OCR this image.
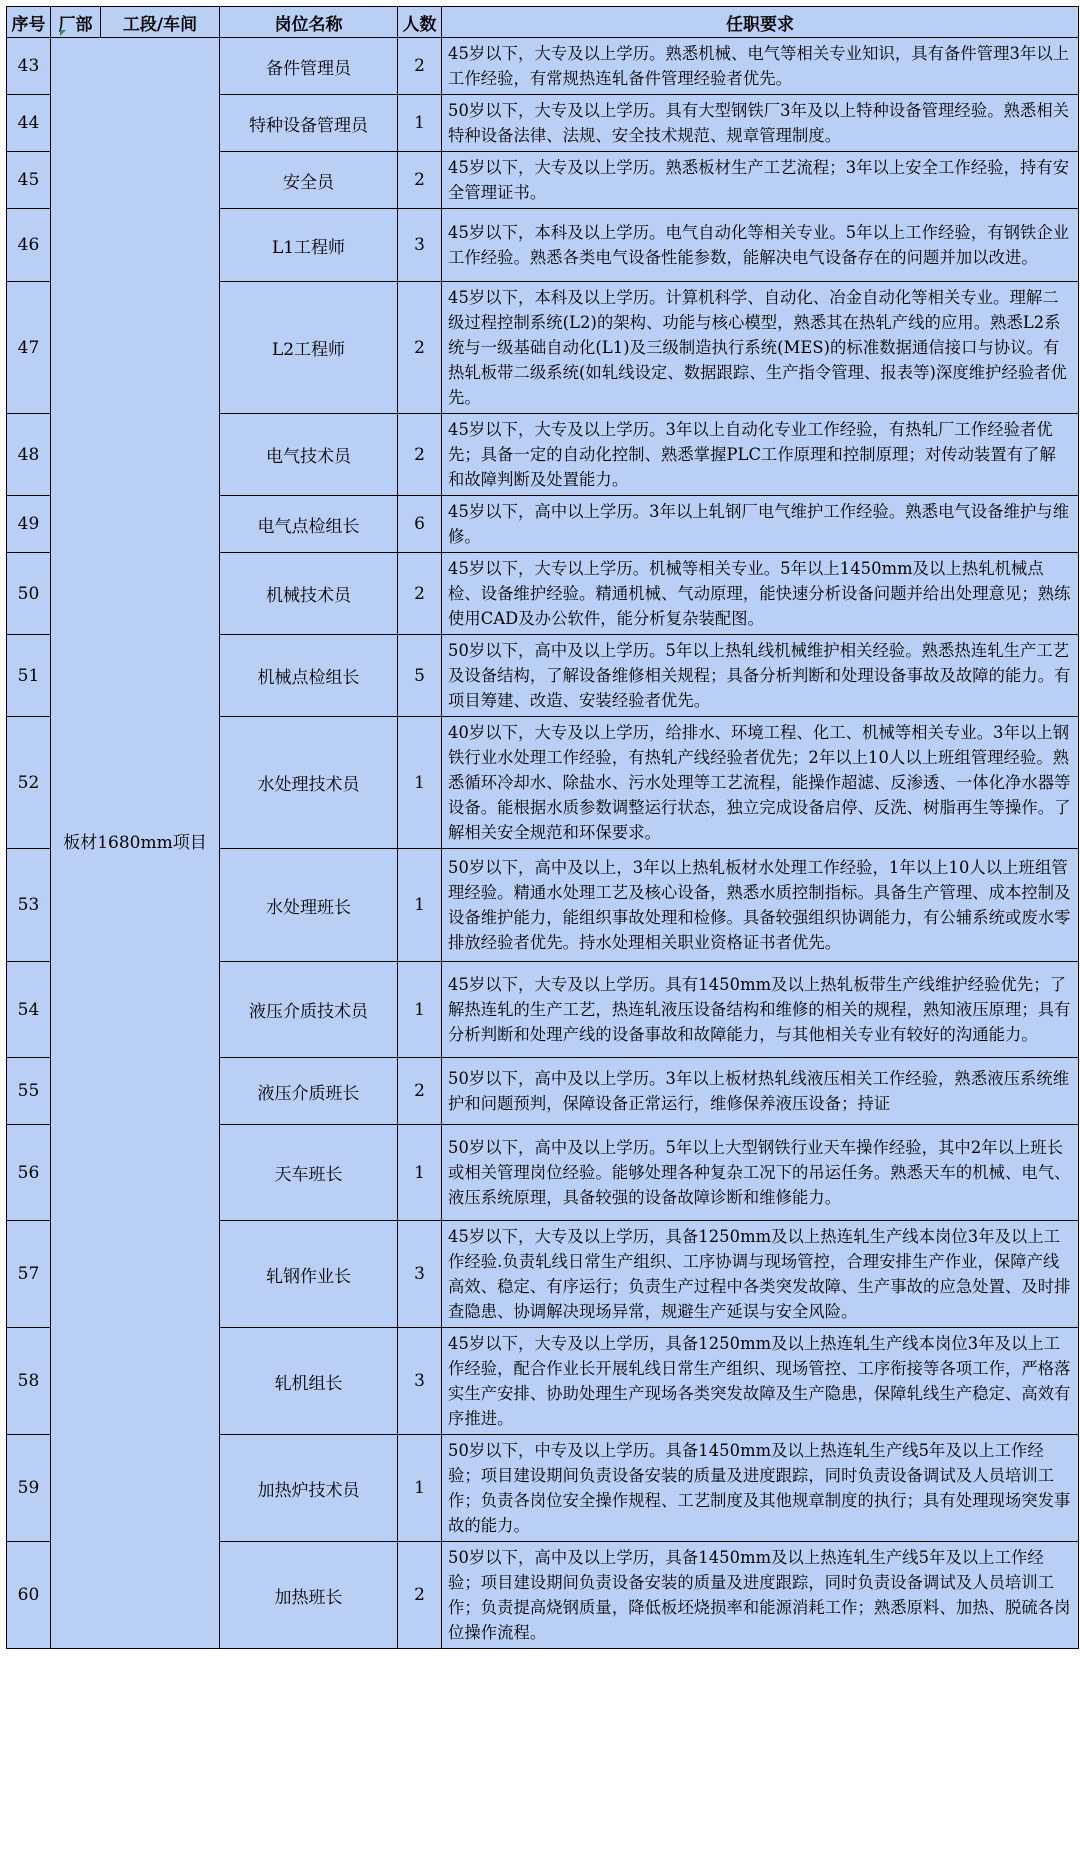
序号	厂部	工段/车间	岗位名称	人数	任职要求
43	板材1680mm项目		备件管理员	2	45岁以下，大专及以上学历。熟悉机械、电气等相关专业知识，具有备件管理3年以上工作经验，有常规热连轧备件管理经验者优先。
44			特种设备管理员	1	50岁以下，大专及以上学历。具有大型钢铁厂3年及以上特种设备管理经验。熟悉相关特种设备法律、法规、安全技术规范、规章管理制度。
45			安全员	2	45岁以下，大专及以上学历。熟悉板材生产工艺流程；3年以上安全工作经验，持有安全管理证书。
46			L1工程师	3	45岁以下，本科及以上学历。电气自动化等相关专业。5年以上工作经验，有钢铁企业工作经验。熟悉各类电气设备性能参数，能解决电气设备存在的问题并加以改进。
47			L2工程师	2	45岁以下，本科及以上学历。计算机科学、自动化、冶金自动化等相关专业。理解二级过程控制系统(L2)的架构、功能与核心模型，熟悉其在热轧产线的应用。熟悉L2系统与一级基础自动化(L1)及三级制造执行系统(MES)的标准数据通信接口与协议。有热轧板带二级系统(如轧线设定、数据跟踪、生产指令管理、报表等)深度维护经验者优先。
48			电气技术员	2	45岁以下，大专及以上学历。3年以上自动化专业工作经验，有热轧厂工作经验者优先；具备一定的自动化控制、熟悉掌握PLC工作原理和控制原理；对传动装置有了解和故障判断及处置能力。
49			电气点检组长	6	45岁以下，高中以上学历。3年以上轧钢厂电气维护工作经验。熟悉电气设备维护与维修。
50			机械技术员	2	45岁以下，大专以上学历。机械等相关专业。5年以上1450mm及以上热轧机械点检、设备维护经验。精通机械、气动原理，能快速分析设备问题并给出处理意见；熟练使用CAD及办公软件，能分析复杂装配图。
51			机械点检组长	5	50岁以下，高中及以上学历。5年以上热轧线机械维护相关经验。熟悉热连轧生产工艺及设备结构，了解设备维修相关规程；具备分析判断和处理设备事故及故障的能力。有项目筹建、改造、安装经验者优先。
52			水处理技术员	1	40岁以下，大专及以上学历，给排水、环境工程、化工、机械等相关专业。3年以上钢铁行业水处理工作经验，有热轧产线经验者优先；2年以上10人以上班组管理经验。熟悉循环冷却水、除盐水、污水处理等工艺流程，能操作超滤、反渗透、一体化净水器等设备。能根据水质参数调整运行状态，独立完成设备启停、反洗、树脂再生等操作。了解相关安全规范和环保要求。
53			水处理班长	1	50岁以下，高中及以上，3年以上热轧板材水处理工作经验，1年以上10人以上班组管理经验。精通水处理工艺及核心设备，熟悉水质控制指标。具备生产管理、成本控制及设备维护能力，能组织事故处理和检修。具备较强组织协调能力，有公辅系统或废水零排放经验者优先。持水处理相关职业资格证书者优先。
54			液压介质技术员	1	45岁以下，大专及以上学历。具有1450mm及以上热轧板带生产线维护经验优先；了解热连轧的生产工艺，热连轧液压设备结构和维修的相关的规程，熟知液压原理；具有分析判断和处理产线的设备事故和故障能力，与其他相关专业有较好的沟通能力。
55			液压介质班长	2	50岁以下，高中及以上学历。3年以上板材热轧线液压相关工作经验，熟悉液压系统维护和问题预判，保障设备正常运行，维修保养液压设备；持证
56			天车班长	1	50岁以下，高中及以上学历。5年以上大型钢铁行业天车操作经验，其中2年以上班长或相关管理岗位经验。能够处理各种复杂工况下的吊运任务。熟悉天车的机械、电气、液压系统原理，具备较强的设备故障诊断和维修能力。
57			轧钢作业长	3	45岁以下，大专及以上学历，具备1250mm及以上热连轧生产线本岗位3年及以上工作经验.负责轧线日常生产组织、工序协调与现场管控，合理安排生产作业，保障产线高效、稳定、有序运行；负责生产过程中各类突发故障、生产事故的应急处置、及时排查隐患、协调解决现场异常，规避生产延误与安全风险。
58			轧机组长	3	45岁以下，大专及以上学历，具备1250mm及以上热连轧生产线本岗位3年及以上工作经验，配合作业长开展轧线日常生产组织、现场管控、工序衔接等各项工作，严格落实生产安排、协助处理生产现场各类突发故障及生产隐患，保障轧线生产稳定、高效有序推进。
59			加热炉技术员	1	50岁以下，中专及以上学历。具备1450mm及以上热连轧生产线5年及以上工作经验；项目建设期间负责设备安装的质量及进度跟踪，同时负责设备调试及人员培训工作；负责各岗位安全操作规程、工艺制度及其他规章制度的执行；具有处理现场突发事故的能力。
60			加热班长	2	50岁以下，高中及以上学历，具备1450mm及以上热连轧生产线5年及以上工作经验；项目建设期间负责设备安装的质量及进度跟踪，同时负责设备调试及人员培训工作；负责提高烧钢质量，降低板坯烧损率和能源消耗工作；熟悉原料、加热、脱硫各岗位操作流程。
